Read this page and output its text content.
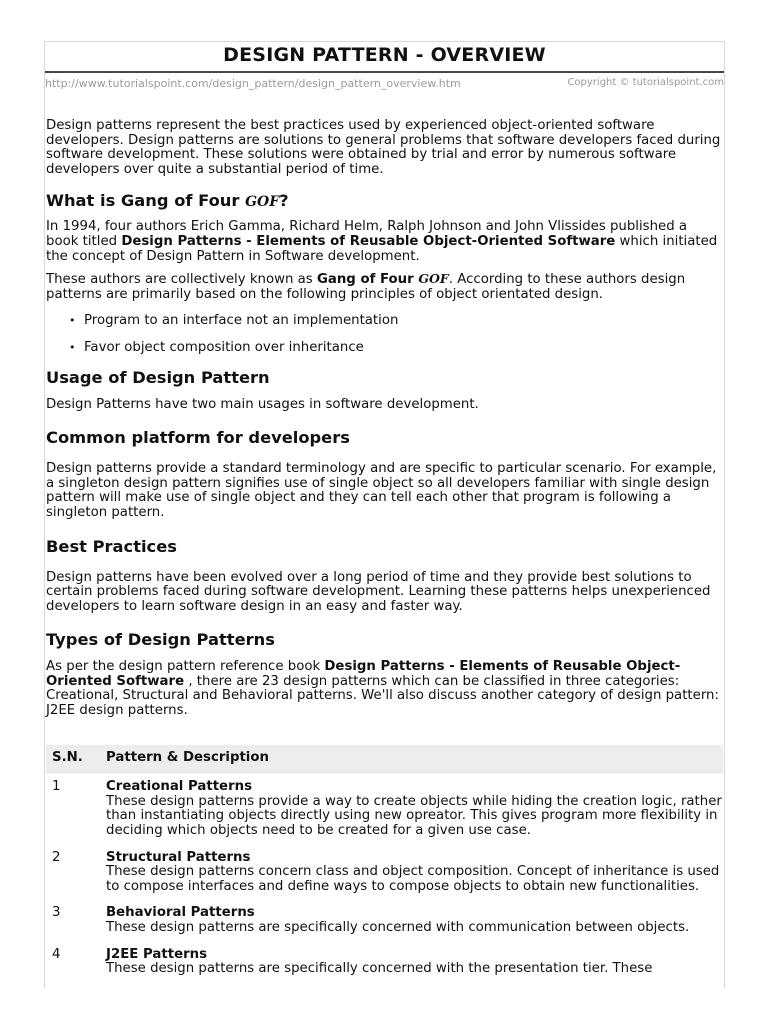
DESIGN PATTERN - OVERVIEW
http://www.tutorialspoint.com/design_pattern/design_pattern_overview.htm	Copyright © tutorialspoint.com

Design patterns represent the best practices used by experienced object-oriented software developers. Design patterns are solutions to general problems that software developers faced during software development. These solutions were obtained by trial and error by numerous software developers over quite a substantial period of time.

What is Gang of Four GOF?

In 1994, four authors Erich Gamma, Richard Helm, Ralph Johnson and John Vlissides published a book titled Design Patterns - Elements of Reusable Object-Oriented Software which initiated the concept of Design Pattern in Software development.

These authors are collectively known as Gang of Four GOF. According to these authors design patterns are primarily based on the following principles of object orientated design.

• Program to an interface not an implementation
• Favor object composition over inheritance
Usage of Design Pattern

Design Patterns have two main usages in software development.

Common platform for developers

Design patterns provide a standard terminology and are specific to particular scenario. For example, a singleton design pattern signifies use of single object so all developers familiar with single design pattern will make use of single object and they can tell each other that program is following a singleton pattern.

Best Practices

Design patterns have been evolved over a long period of time and they provide best solutions to certain problems faced during software development. Learning these patterns helps unexperienced developers to learn software design in an easy and faster way.

Types of Design Patterns

As per the design pattern reference book Design Patterns - Elements of Reusable Object-Oriented Software , there are 23 design patterns which can be classified in three categories: Creational, Structural and Behavioral patterns. We'll also discuss another category of design pattern: J2EE design patterns.

S.N.	Pattern & Description
1	Creational Patterns
These design patterns provide a way to create objects while hiding the creation logic, rather than instantiating objects directly using new opreator. This gives program more flexibility in deciding which objects need to be created for a given use case.

2	Structural Patterns
These design patterns concern class and object composition. Concept of inheritance is used to compose interfaces and define ways to compose objects to obtain new functionalities.

3	Behavioral Patterns
These design patterns are specifically concerned with communication between objects.

4	J2EE Patterns
These design patterns are specifically concerned with the presentation tier. These
